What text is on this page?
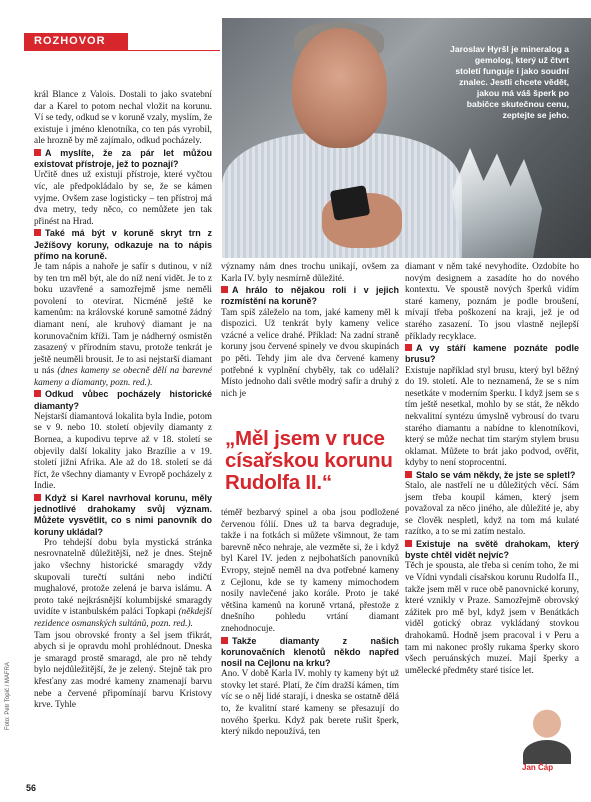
ROZHOVOR
Jaroslav Hyršl je mineralog a gemolog, který už čtvrt století funguje i jako soudní znalec. Jestli chcete vědět, jakou má váš šperk po babičce skutečnou cenu, zeptejte se jeho.

král Blance z Valois. Dostali to jako svatební dar a Karel to potom nechal vložit na korunu. Ví se tedy, odkud se v koruně vzaly, myslím, že existuje i jméno klenotníka, co ten pás vyrobil, ale hrozně by mě zajímalo, odkud pocházely.

A myslíte, že za pár let můžou existovat přístroje, jež to poznají?

Určitě dnes už existují přístroje, které vyčtou víc, ale předpokládalo by se, že se kámen vyjme. Ovšem zase logisticky – ten přístroj má dva metry, tedy něco, co nemůžete jen tak přinést na Hrad.

Také má být v koruně skryt trn z Ježíšovy koruny, odkazuje na to nápis přímo na koruně.

Je tam nápis a nahoře je safír s dutinou, v níž by ten trn měl být, ale do níž není vidět. Je to z boku uzavřené a samozřejmě jsme neměli povolení to otevírat. Nicméně ještě ke kamenům: na královské koruně samotné žádný diamant není, ale kruhový diamant je na korunovačním kříži. Tam je nádherný osmistěn zasazený v přírodním stavu, protože tenkrát je ještě neuměli brousit. Je to asi nejstarší diamant u nás (dnes kameny se obecně dělí na barevné kameny a diamanty, pozn. red.).

Odkud vůbec pocházely historické diamanty?

Nejstarší diamantová lokalita byla Indie, potom se v 9. nebo 10. století objevily diamanty z Bornea, a kupodivu teprve až v 18. století se objevily další lokality jako Brazílie a v 19. století jižní Afrika. Ale až do 18. století se dá říct, že všechny diamanty v Evropě pocházely z Indie.

Když si Karel navrhoval korunu, měly jednotlivé drahokamy svůj význam. Můžete vysvětlit, co s nimi panovník do koruny ukládal?

Pro tehdejší dobu byla mystická stránka nesrovnatelně důležitější, než je dnes. Stejně jako všechny historické smaragdy vždy skupovali turečtí sultáni nebo indičtí mughalové, protože zelená je barva islámu. A proto také nejkrásnější kolumbijské smaragdy uvidíte v istanbulském paláci Topkapi (někdejší rezidence osmanských sultánů, pozn. red.).

Tam jsou obrovské fronty a šel jsem třikrát, abych si je opravdu mohl prohlédnout. Dneska je smaragd prostě smaragd, ale pro ně tehdy bylo nejdůležitější, že je zelený. Stejně tak pro křesťany zas modré kameny znamenají barvu nebe a červené připomínají barvu Kristovy krve. Tyhle

významy nám dnes trochu unikají, ovšem za Karla IV. byly nesmírně důležité.

A hrálo to nějakou roli i v jejich rozmístění na koruně?

Tam spíš záleželo na tom, jaké kameny měl k dispozici. Už tenkrát byly kameny velice vzácné a velice drahé. Příklad: Na zadní straně koruny jsou červené spinely ve dvou skupinách po pěti. Tehdy jim ale dva červené kameny potřebné k vyplnění chyběly, tak co udělali? Místo jednoho dali světle modrý safír a druhý z nich je

„Měl jsem v ruce císařskou korunu Rudolfa II.“

téměř bezbarvý spinel a oba jsou podložené červenou fólií. Dnes už ta barva degraduje, takže i na fotkách si můžete všimnout, že tam barevně něco nehraje, ale vezměte si, že i když byl Karel IV. jeden z nejbohatších panovníků Evropy, stejně neměl na dva potřebné kameny z Cejlonu, kde se ty kameny mimochodem nosily navlečené jako korále. Proto je také většina kamenů na koruně vrtaná, přestože z dnešního pohledu vrtání diamant znehodnocuje.

Takže diamanty z našich korunovačních klenotů někdo napřed nosil na Cejlonu na krku?

Ano. V době Karla IV. mohly ty kameny být už stovky let staré. Platí, že čím dražší kámen, tím víc se o něj lidé starají, i dneska se ostatně dělá to, že kvalitní staré kameny se přesazují do nového šperku. Když pak berete rušit šperk, který nikdo nepoužívá, ten

diamant v něm také nevyhodíte. Ozdobíte ho novým designem a zasadíte ho do nového kontextu. Ve spoustě nových šperků vidím staré kameny, poznám je podle broušení, mívají třeba poškození na kraji, jež je od starého zasazení. To jsou vlastně nejlepší příklady recyklace.

A vy stáří kamene poznáte podle brusu?

Existuje například styl brusu, který byl běžný do 19. století. Ale to neznamená, že se s ním nesetkáte v moderním šperku. I když jsem se s tím ještě nesetkal, mohlo by se stát, že někdo nekvalitní syntézu úmyslně vybrousí do tvaru starého diamantu a nabídne to klenotníkovi, který se může nechat tím starým stylem brusu oklamat. Můžete to brát jako podvod, ověřit, kdyby to není stoprocentní.

Stalo se vám někdy, že jste se spletl?

Stalo, ale nastřelí ne u důležitých věcí. Sám jsem třeba koupil kámen, který jsem považoval za něco jiného, ale důležité je, aby se člověk nespletl, když na tom má kulaté razítko, a to se mi zatím nestalo.

Existuje na světě drahokam, který byste chtěl vidět nejvíc?

Těch je spousta, ale třeba si cením toho, že mi ve Vídni vyndali císařskou korunu Rudolfa II., takže jsem měl v ruce obě panovnické koruny, které vznikly v Praze. Samozřejmě obrovský zážitek pro mě byl, když jsem v Benátkách viděl gotický obraz vykládaný stovkou drahokamů. Hodně jsem pracoval i v Peru a tam mi nakonec prošly rukama šperky skoro všech peruánských muzeí. Mají šperky a umělecké předměty staré tisíce let.

Jan Čáp
Foto: Petr Topič / MAFRA
56
